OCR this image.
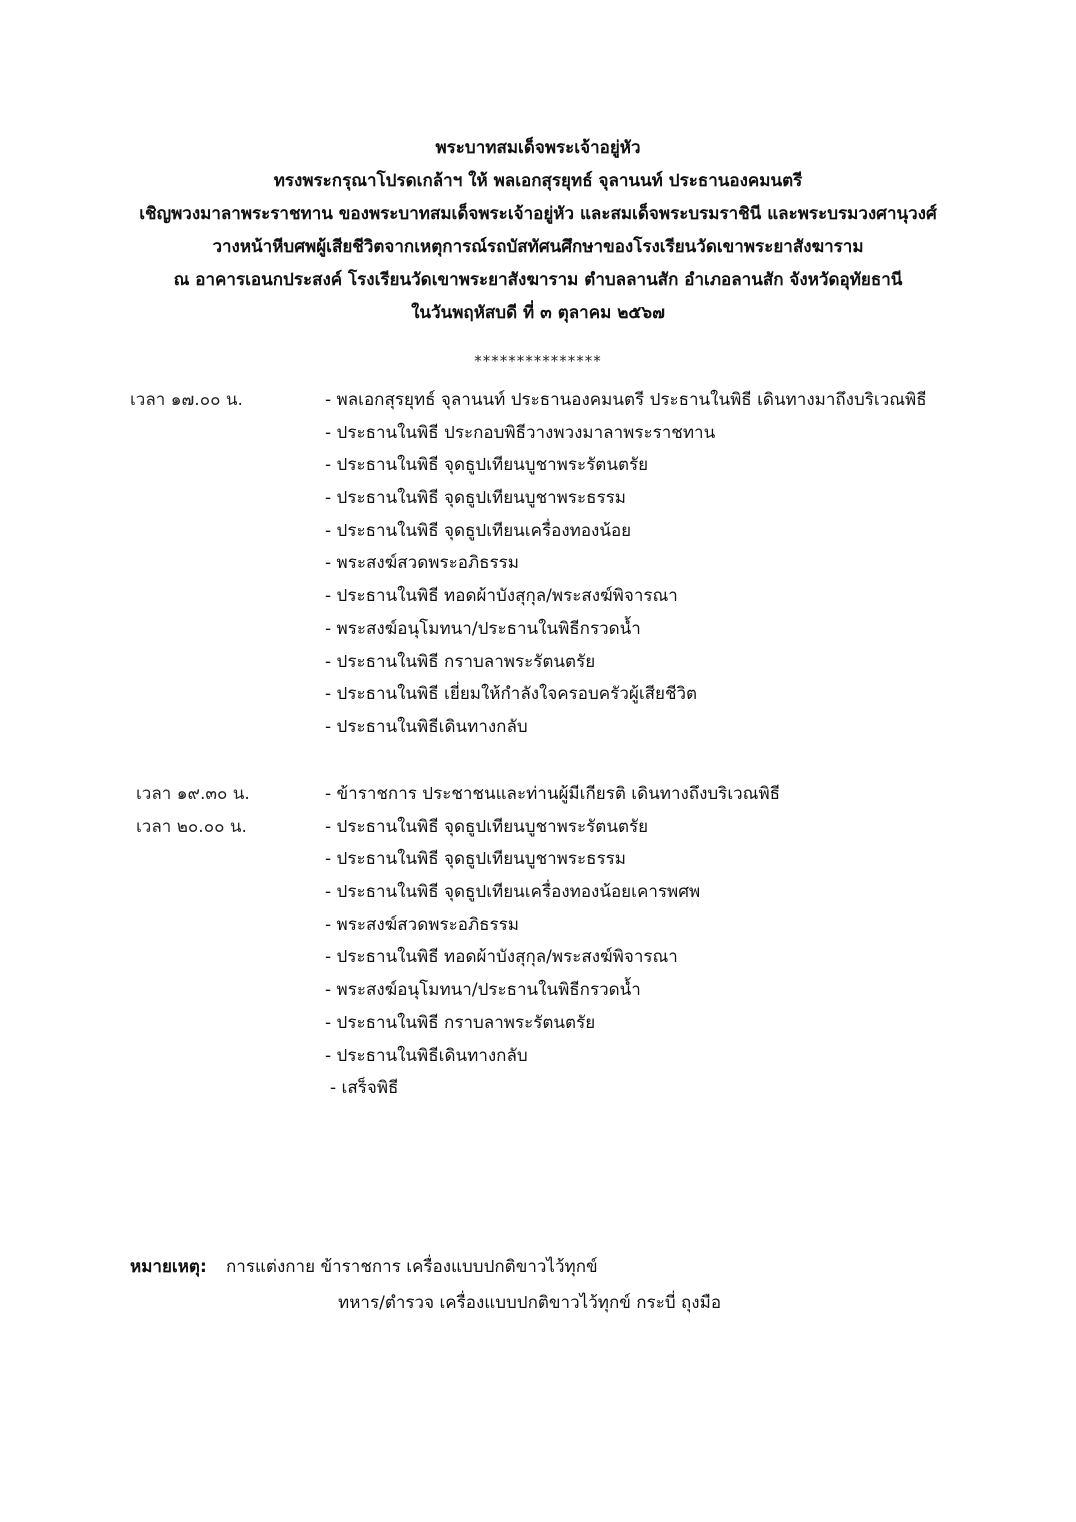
พระบาทสมเด็จพระเจ้าอยู่หัว
ทรงพระกรุณาโปรดเกล้าฯ ให้ พลเอกสุรยุทธ์ จุลานนท์ ประธานองคมนตรี
เชิญพวงมาลาพระราชทาน ของพระบาทสมเด็จพระเจ้าอยู่หัว และสมเด็จพระบรมราชินี และพระบรมวงศานุวงศ์
วางหน้าหีบศพผู้เสียชีวิตจากเหตุการณ์รถบัสทัศนศึกษาของโรงเรียนวัดเขาพระยาสังฆาราม
ณ อาคารเอนกประสงค์ โรงเรียนวัดเขาพระยาสังฆาราม ตำบลลานสัก อำเภอลานสัก จังหวัดอุทัยธานี
ในวันพฤหัสบดี ที่ ๓ ตุลาคม ๒๕๖๗
***************
เวลา ๑๗.๐๐ น.	- พลเอกสุรยุทธ์ จุลานนท์ ประธานองคมนตรี ประธานในพิธี เดินทางมาถึงบริเวณพิธี
- ประธานในพิธี ประกอบพิธีวางพวงมาลาพระราชทาน
- ประธานในพิธี จุดธูปเทียนบูชาพระรัตนตรัย
- ประธานในพิธี จุดธูปเทียนบูชาพระธรรม
- ประธานในพิธี จุดธูปเทียนเครื่องทองน้อย
- พระสงฆ์สวดพระอภิธรรม
- ประธานในพิธี ทอดผ้าบังสุกุล/พระสงฆ์พิจารณา
- พระสงฆ์อนุโมทนา/ประธานในพิธีกรวดน้ำ
- ประธานในพิธี กราบลาพระรัตนตรัย
- ประธานในพิธี เยี่ยมให้กำลังใจครอบครัวผู้เสียชีวิต
- ประธานในพิธีเดินทางกลับ
เวลา ๑๙.๓๐ น.	- ข้าราชการ ประชาชนและท่านผู้มีเกียรติ เดินทางถึงบริเวณพิธี
เวลา ๒๐.๐๐ น.	- ประธานในพิธี จุดธูปเทียนบูชาพระรัตนตรัย
- ประธานในพิธี จุดธูปเทียนบูชาพระธรรม
- ประธานในพิธี จุดธูปเทียนเครื่องทองน้อยเคารพศพ
- พระสงฆ์สวดพระอภิธรรม
- ประธานในพิธี ทอดผ้าบังสุกุล/พระสงฆ์พิจารณา
- พระสงฆ์อนุโมทนา/ประธานในพิธีกรวดน้ำ
- ประธานในพิธี กราบลาพระรัตนตรัย
- ประธานในพิธีเดินทางกลับ
- เสร็จพิธี
หมายเหตุ: การแต่งกาย ข้าราชการ เครื่องแบบปกติขาวไว้ทุกข์
ทหาร/ตำรวจ เครื่องแบบปกติขาวไว้ทุกข์ กระบี่ ถุงมือ
